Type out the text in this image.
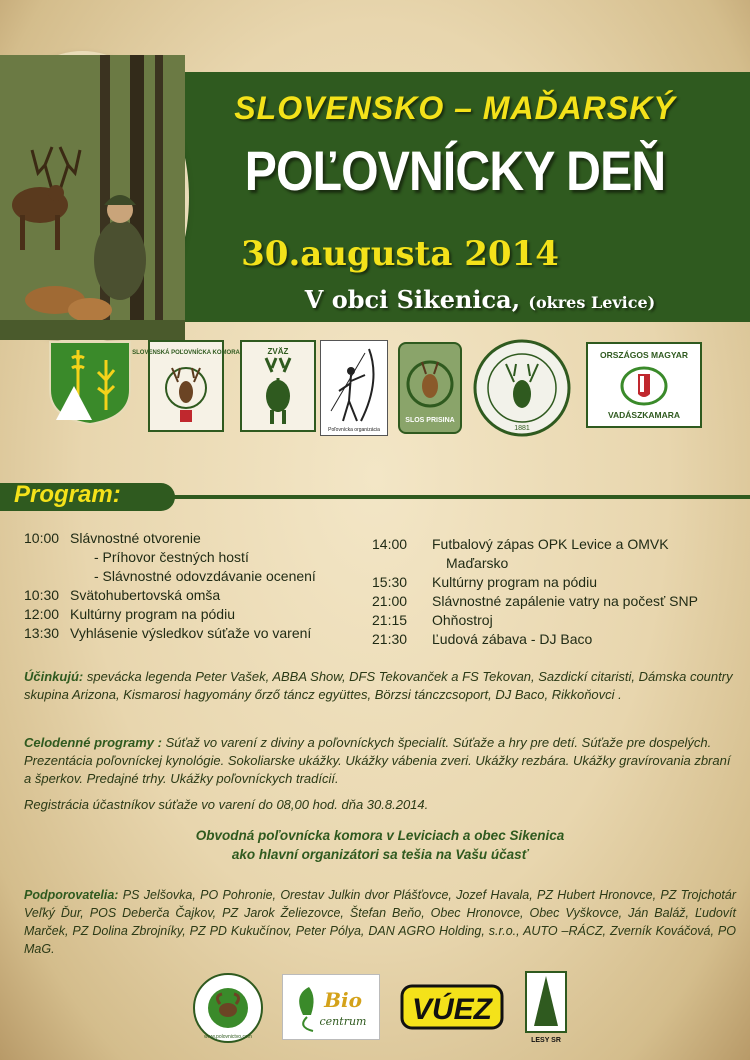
SLOVENSKO – MAĎARSKÝ
POĽOVNÍCKY DEŇ
30.augusta 2014
V obci Sikenica, (okres Levice)
SLOVENSKÁ POĽOVNÍCKA KOMORA	ZVÄZ
Poľovnícka organizácia
SLOS PRISINA
1881
ORSZÁGOS MAGYAR
VADÁSZKAMARA
Program:
10:00 Slávnostné otvorenie
- Príhovor čestných hostí
- Slávnostné odovzdávanie ocenení
10:30 Svätohubertovská omša
12:00 Kultúrny program na pódiu
13:30 Vyhlásenie výsledkov súťaže vo varení
14:00	Futbalový zápas OPK Levice a OMVK
Maďarsko
15:30	Kultúrny program na pódiu
21:00	Slávnostné zapálenie vatry na počesť SNP
21:15	Ohňostroj
21:30	Ľudová zábava - DJ Baco
Účinkujú: spevácka legenda Peter Vašek, ABBA Show, DFS Tekovanček a FS Tekovan, Sazdickí citaristi, Dámska country skupina Arizona, Kismarosi hagyomány őrző táncz együttes, Börzsi tánczcsoport, DJ Baco, Rikkoňovci .
Celodenné programy : Súťaž vo varení z diviny a poľovníckych špecialít. Súťaže a hry pre detí. Súťaže pre dospelých. Prezentácia poľovníckej kynológie. Sokoliarske ukážky. Ukážky vábenia zveri. Ukážky rezbára. Ukážky gravírovania zbraní a šperkov. Predajné trhy. Ukážky poľovníckych tradícií.
Registrácia účastníkov súťaže vo varení do 08,00 hod. dňa 30.8.2014.
Obvodná poľovnícka komora v Leviciach a obec Sikenica
ako hlavní organizátori sa tešia na Vašu účasť
Podporovatelia: PS Jelšovka, PO Pohronie, Orestav Julkin dvor Plášťovce, Jozef Havala, PZ Hubert Hronovce, PZ Trojchotár Veľký Ďur, POS Deberča Čajkov, PZ Jarok Želiezovce, Štefan Beňo, Obec Hronovce, Obec Vyškovce, Ján Baláž, Ľudovít Marček, PZ Dolina Zbrojníky, PZ PD Kukučínov, Peter Pólya, DAN AGRO Holding, s.r.o., AUTO –RÁCZ, Zverník Kováčová, PO MaG.
www.polovnictvo.com
Bio
centrum VÚEZ
LESY SR
